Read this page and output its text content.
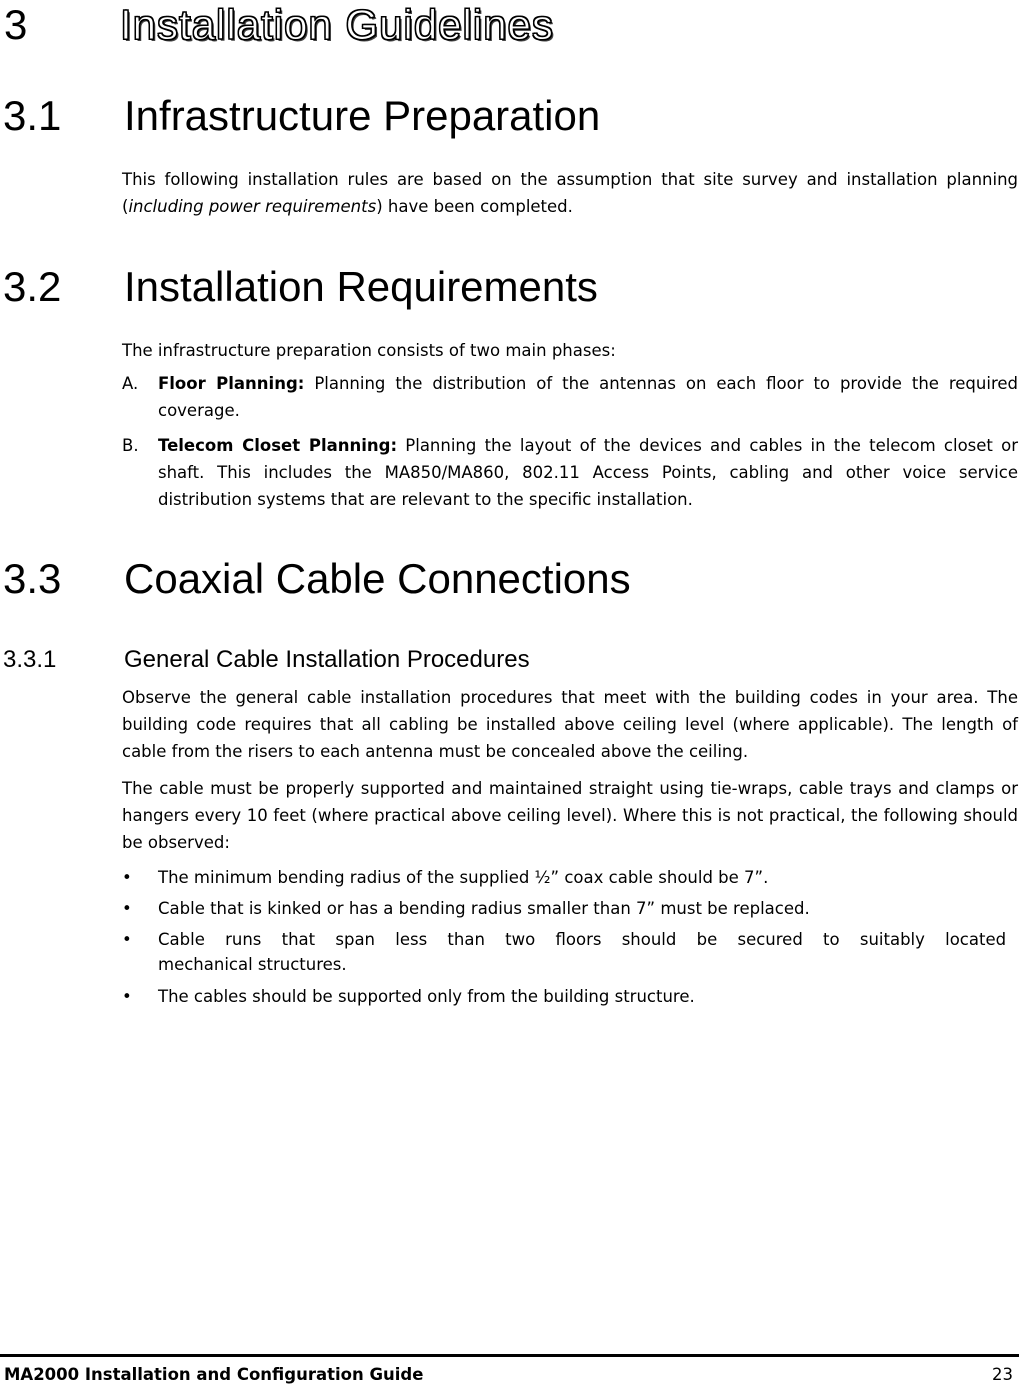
3 Installation Guidelines
3.1 Infrastructure Preparation

This following installation rules are based on the assumption that site survey and installation planning (including power requirements) have been completed.

3.2 Installation Requirements

The infrastructure preparation consists of two main phases:

A. Floor Planning: Planning the distribution of the antennas on each floor to provide the required coverage.
B. Telecom Closet Planning: Planning the layout of the devices and cables in the telecom closet or shaft. This includes the MA850/MA860, 802.11 Access Points, cabling and other voice service distribution systems that are relevant to the specific installation.
3.3 Coaxial Cable Connections
3.3.1	General Cable Installation Procedures

Observe the general cable installation procedures that meet with the building codes in your area. The building code requires that all cabling be installed above ceiling level (where applicable). The length of cable from the risers to each antenna must be concealed above the ceiling.

The cable must be properly supported and maintained straight using tie-wraps, cable trays and clamps or hangers every 10 feet (where practical above ceiling level). Where this is not practical, the following should be observed:

• The minimum bending radius of the supplied ½” coax cable should be 7”.
• Cable that is kinked or has a bending radius smaller than 7” must be replaced.
• Cable runs that span less than two floors should be secured to suitably located
mechanical structures.
• The cables should be supported only from the building structure.
MA2000 Installation and Configuration Guide	23
